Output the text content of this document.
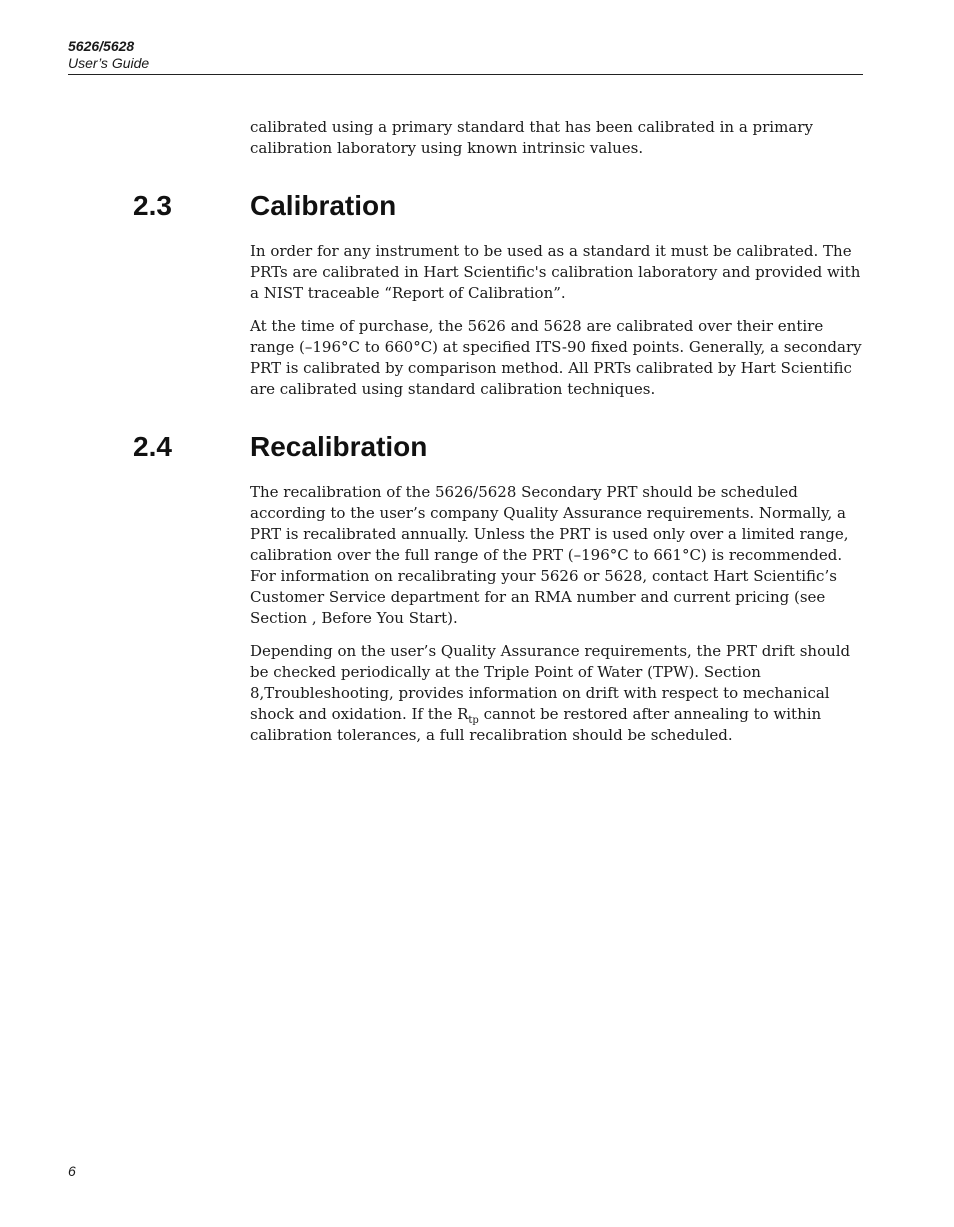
5626/5628
User’s Guide

calibrated using a primary standard that has been calibrated in a primary calibration laboratory using known intrinsic values.

2.3	Calibration

In order for any instrument to be used as a standard it must be calibrated. The PRTs are calibrated in Hart Scientific's calibration laboratory and provided with a NIST traceable “Report of Calibration”.

At the time of purchase, the 5626 and 5628 are calibrated over their entire range (–196°C to 660°C) at specified ITS-90 fixed points. Generally, a secondary PRT is calibrated by comparison method. All PRTs calibrated by Hart Scientific are calibrated using standard calibration techniques.

2.4	Recalibration

The recalibration of the 5626/5628 Secondary PRT should be scheduled according to the user’s company Quality Assurance requirements. Normally, a PRT is recalibrated annually. Unless the PRT is used only over a limited range, calibration over the full range of the PRT (–196°C to 661°C) is recommended. For information on recalibrating your 5626 or 5628, contact Hart Scientific’s Customer Service department for an RMA number and current pricing (see Section , Before You Start).

Depending on the user’s Quality Assurance requirements, the PRT drift should be checked periodically at the Triple Point of Water (TPW). Section 8,Troubleshooting, provides information on drift with respect to mechanical shock and oxidation. If the $R_{tp}$ cannot be restored after annealing to within calibration tolerances, a full recalibration should be scheduled.

6
